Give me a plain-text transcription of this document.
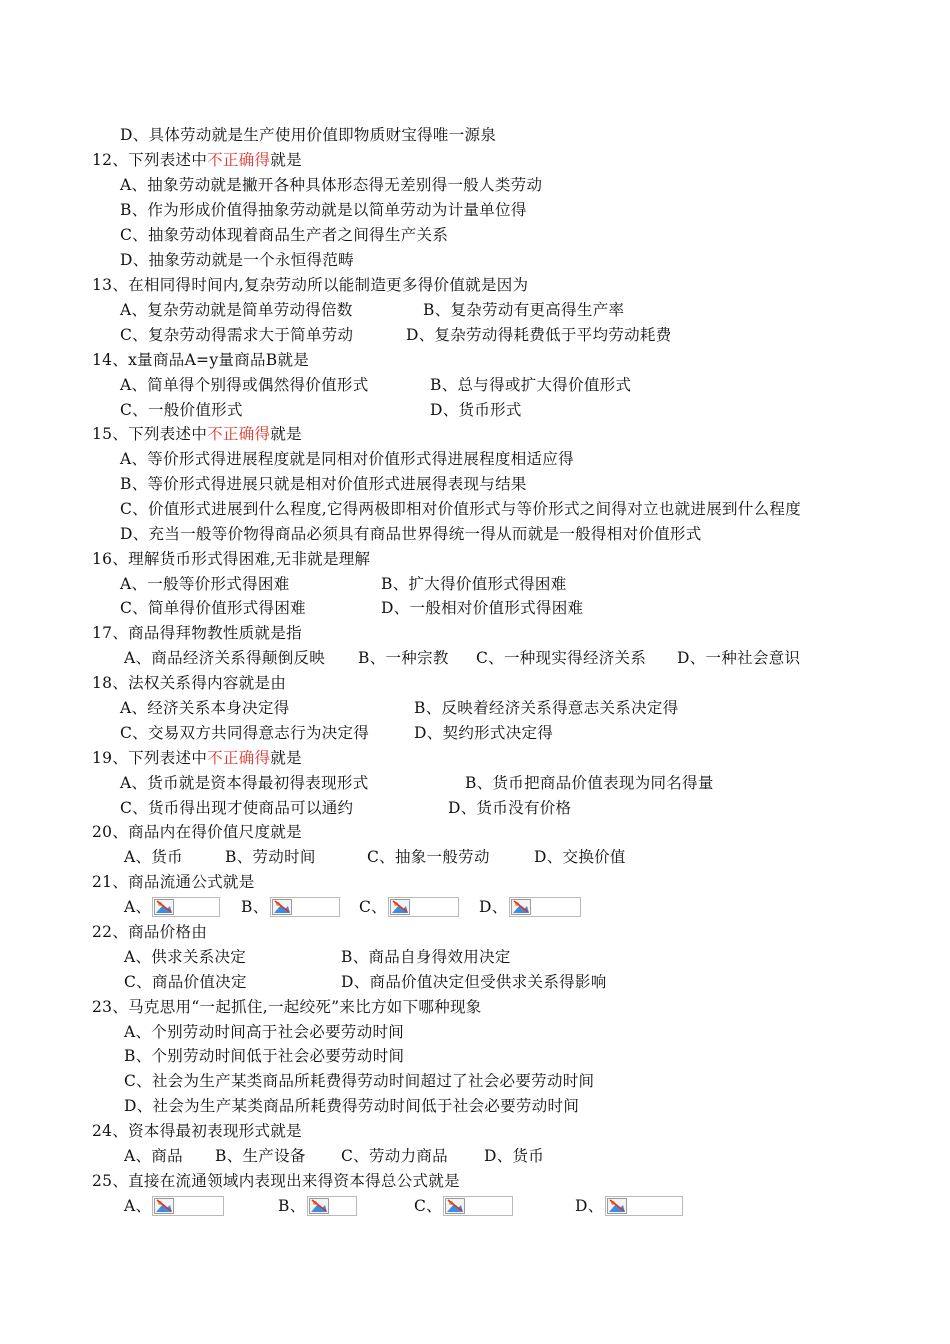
D、具体劳动就是生产使用价值即物质财宝得唯一源泉
12、下列表述中不正确得就是
A、抽象劳动就是撇开各种具体形态得无差别得一般人类劳动
B、作为形成价值得抽象劳动就是以简单劳动为计量单位得
C、抽象劳动体现着商品生产者之间得生产关系
D、抽象劳动就是一个永恒得范畴
13、在相同得时间内,复杂劳动所以能制造更多得价值就是因为
A、复杂劳动就是简单劳动得倍数	B、复杂劳动有更高得生产率
C、复杂劳动得需求大于简单劳动	D、复杂劳动得耗费低于平均劳动耗费
14、x量商品A=y量商品B就是
A、简单得个别得或偶然得价值形式	B、总与得或扩大得价值形式
C、一般价值形式	D、货币形式
15、下列表述中不正确得就是
A、等价形式得进展程度就是同相对价值形式得进展程度相适应得
B、等价形式得进展只就是相对价值形式进展得表现与结果
C、价值形式进展到什么程度,它得两极即相对价值形式与等价形式之间得对立也就进展到什么程度
D、充当一般等价物得商品必须具有商品世界得统一得从而就是一般得相对价值形式
16、理解货币形式得困难,无非就是理解
A、一般等价形式得困难	B、扩大得价值形式得困难
C、简单得价值形式得困难	D、一般相对价值形式得困难
17、商品得拜物教性质就是指
A、商品经济关系得颠倒反映 B、一种宗教 C、一种现实得经济关系 D、一种社会意识
18、法权关系得内容就是由
A、经济关系本身决定得	B、反映着经济关系得意志关系决定得
C、交易双方共同得意志行为决定得	D、契约形式决定得
19、下列表述中不正确得就是
A、货币就是资本得最初得表现形式	B、货币把商品价值表现为同名得量
C、货币得出现才使商品可以通约	D、货币没有价格
20、商品内在得价值尺度就是
A、货币	B、劳动时间	C、抽象一般劳动	D、交换价值
21、商品流通公式就是
22、商品价格由
A、供求关系决定	B、商品自身得效用决定
C、商品价值决定	D、商品价值决定但受供求关系得影响
23、马克思用“一起抓住,一起绞死”来比方如下哪种现象
A、个别劳动时间高于社会必要劳动时间
B、个别劳动时间低于社会必要劳动时间
C、社会为生产某类商品所耗费得劳动时间超过了社会必要劳动时间
D、社会为生产某类商品所耗费得劳动时间低于社会必要劳动时间
24、资本得最初表现形式就是
A、商品 B、生产设备 C、劳动力商品 D、货币
25、直接在流通领域内表现出来得资本得总公式就是
A、	B、	C、	D、
A、	B、	C、	D、
